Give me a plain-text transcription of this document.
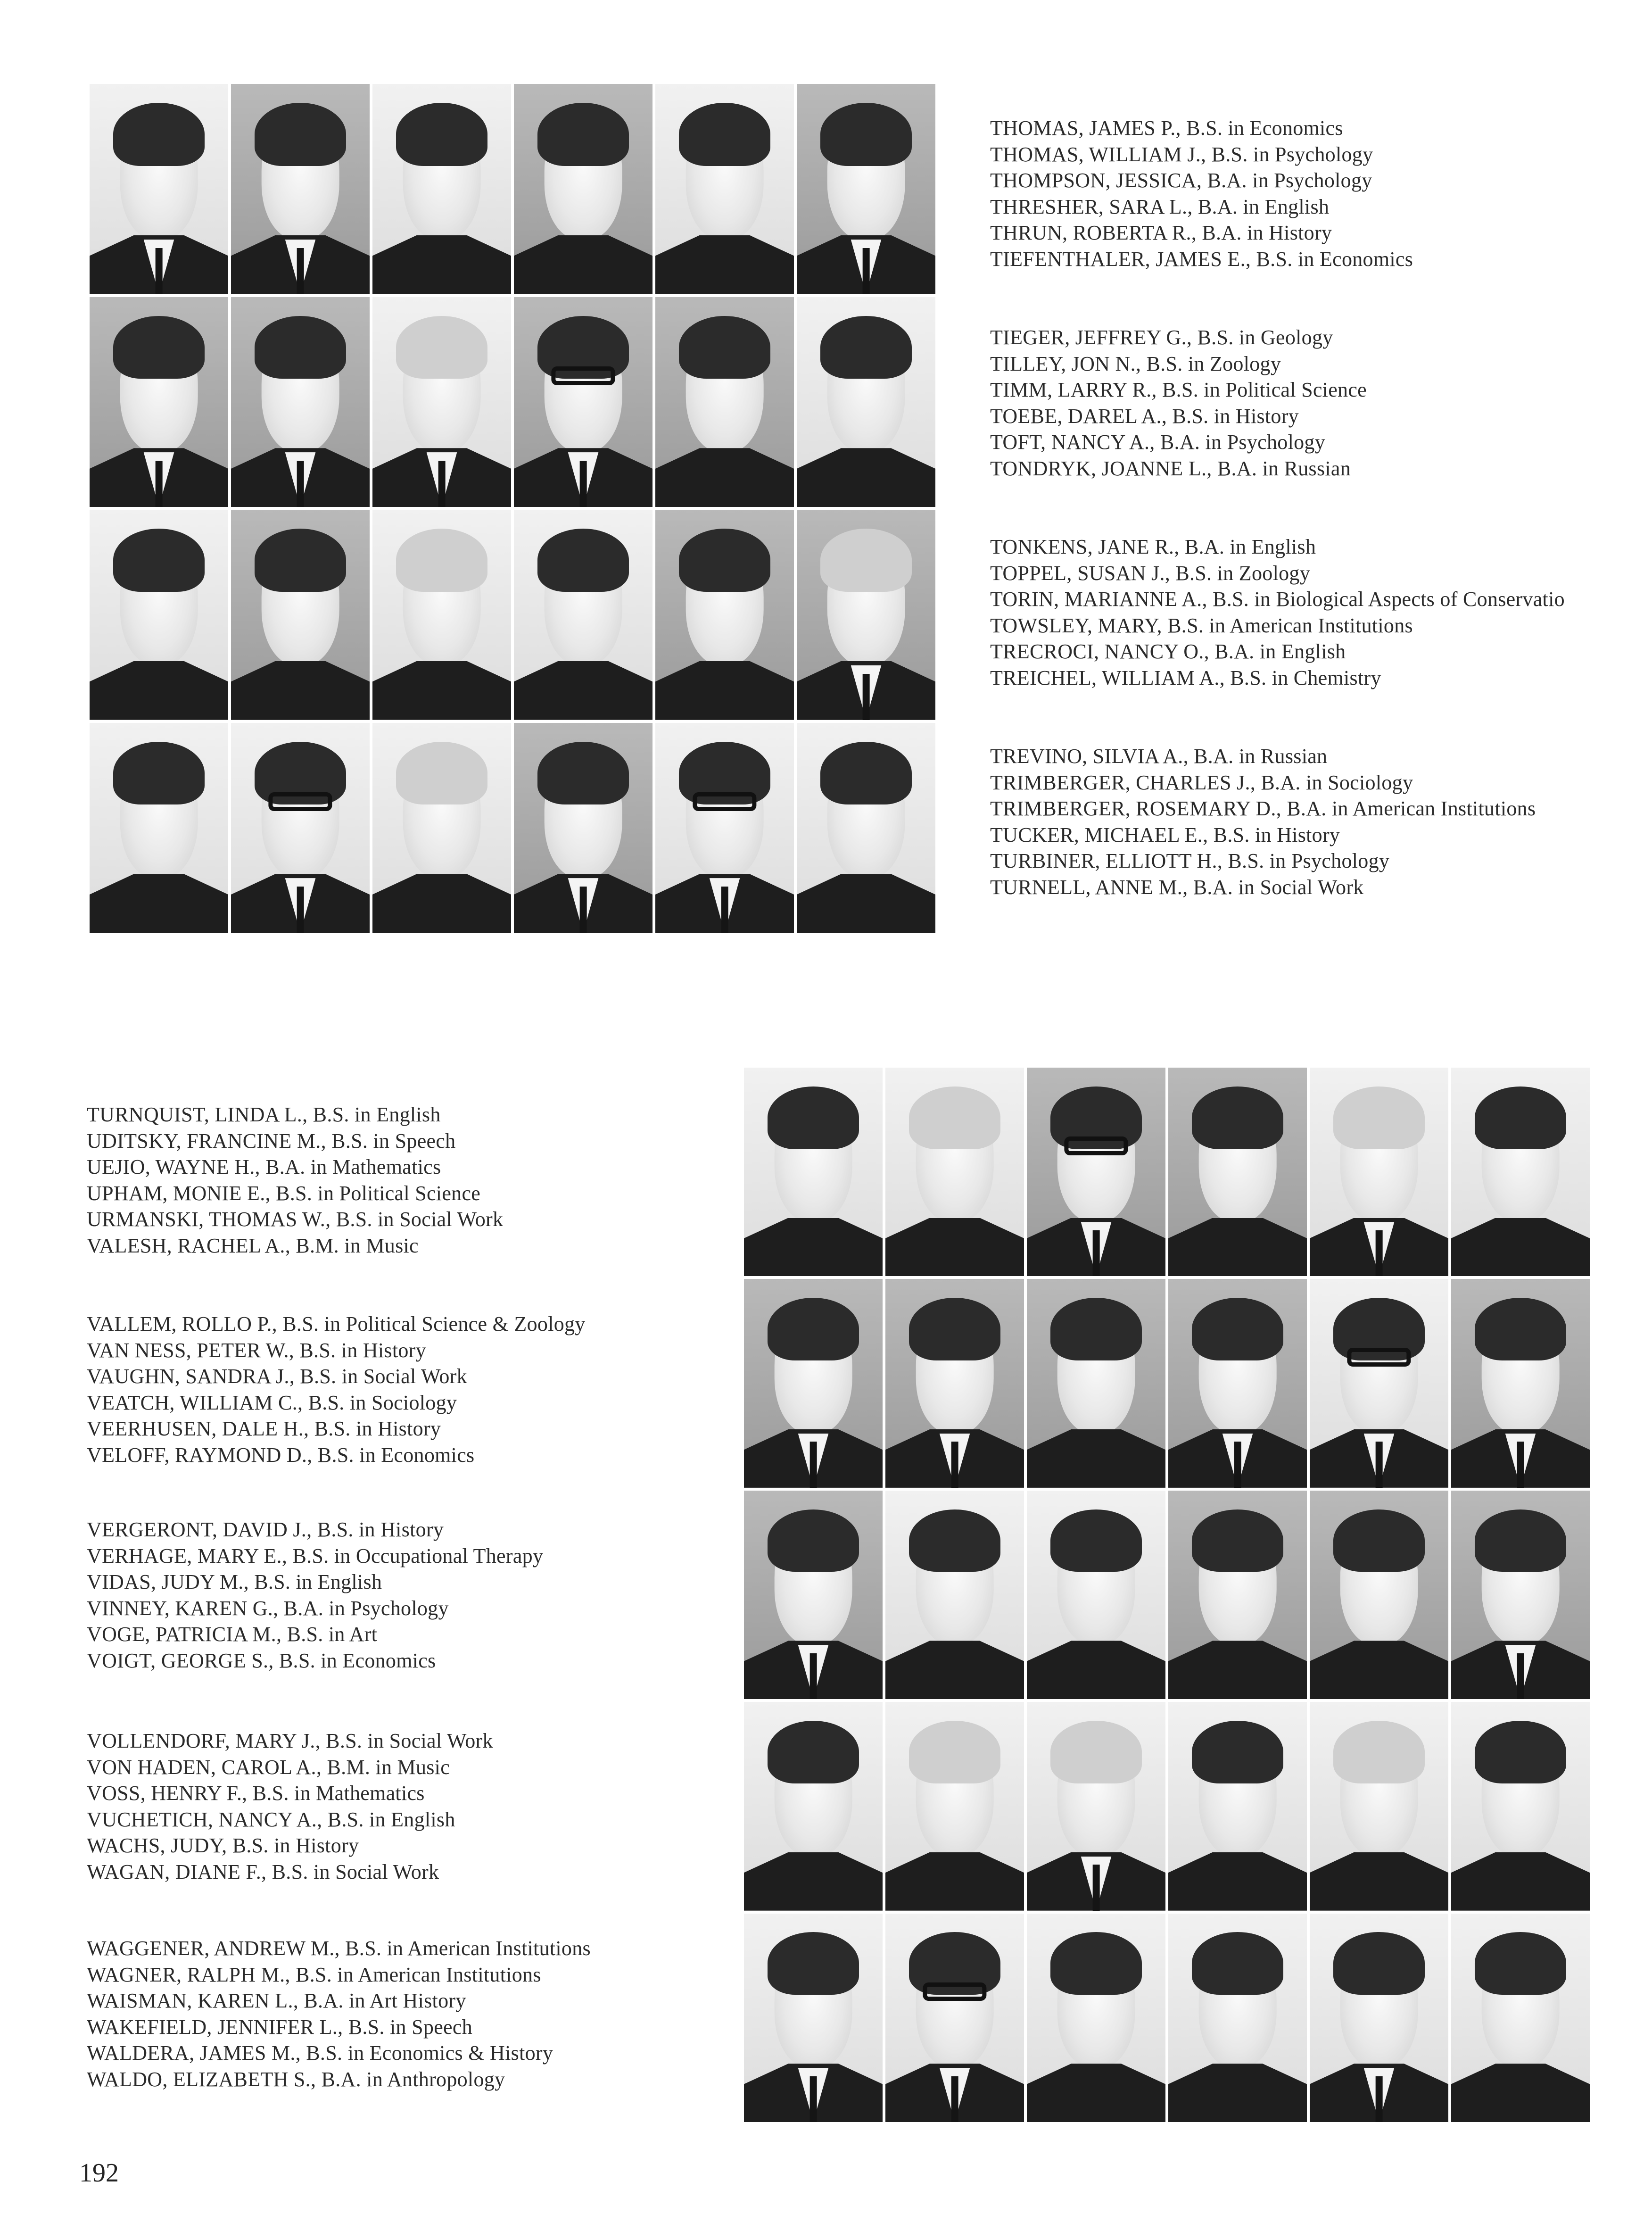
THOMAS, JAMES P., B.S. in Economics
THOMAS, WILLIAM J., B.S. in Psychology
THOMPSON, JESSICA, B.A. in Psychology
THRESHER, SARA L., B.A. in English
THRUN, ROBERTA R., B.A. in History
TIEFENTHALER, JAMES E., B.S. in Economics
TIEGER, JEFFREY G., B.S. in Geology
TILLEY, JON N., B.S. in Zoology
TIMM, LARRY R., B.S. in Political Science
TOEBE, DAREL A., B.S. in History
TOFT, NANCY A., B.A. in Psychology
TONDRYK, JOANNE L., B.A. in Russian
TONKENS, JANE R., B.A. in English
TOPPEL, SUSAN J., B.S. in Zoology
TORIN, MARIANNE A., B.S. in Biological Aspects of Conservatio
TOWSLEY, MARY, B.S. in American Institutions
TRECROCI, NANCY O., B.A. in English
TREICHEL, WILLIAM A., B.S. in Chemistry
TREVINO, SILVIA A., B.A. in Russian
TRIMBERGER, CHARLES J., B.A. in Sociology
TRIMBERGER, ROSEMARY D., B.A. in American Institutions
TUCKER, MICHAEL E., B.S. in History
TURBINER, ELLIOTT H., B.S. in Psychology
TURNELL, ANNE M., B.A. in Social Work
TURNQUIST, LINDA L., B.S. in English
UDITSKY, FRANCINE M., B.S. in Speech
UEJIO, WAYNE H., B.A. in Mathematics
UPHAM, MONIE E., B.S. in Political Science
URMANSKI, THOMAS W., B.S. in Social Work
VALESH, RACHEL A., B.M. in Music
VALLEM, ROLLO P., B.S. in Political Science & Zoology
VAN NESS, PETER W., B.S. in History
VAUGHN, SANDRA J., B.S. in Social Work
VEATCH, WILLIAM C., B.S. in Sociology
VEERHUSEN, DALE H., B.S. in History
VELOFF, RAYMOND D., B.S. in Economics
VERGERONT, DAVID J., B.S. in History
VERHAGE, MARY E., B.S. in Occupational Therapy
VIDAS, JUDY M., B.S. in English
VINNEY, KAREN G., B.A. in Psychology
VOGE, PATRICIA M., B.S. in Art
VOIGT, GEORGE S., B.S. in Economics
VOLLENDORF, MARY J., B.S. in Social Work
VON HADEN, CAROL A., B.M. in Music
VOSS, HENRY F., B.S. in Mathematics
VUCHETICH, NANCY A., B.S. in English
WACHS, JUDY, B.S. in History
WAGAN, DIANE F., B.S. in Social Work
WAGGENER, ANDREW M., B.S. in American Institutions
WAGNER, RALPH M., B.S. in American Institutions
WAISMAN, KAREN L., B.A. in Art History
WAKEFIELD, JENNIFER L., B.S. in Speech
WALDERA, JAMES M., B.S. in Economics & History
WALDO, ELIZABETH S., B.A. in Anthropology
192
